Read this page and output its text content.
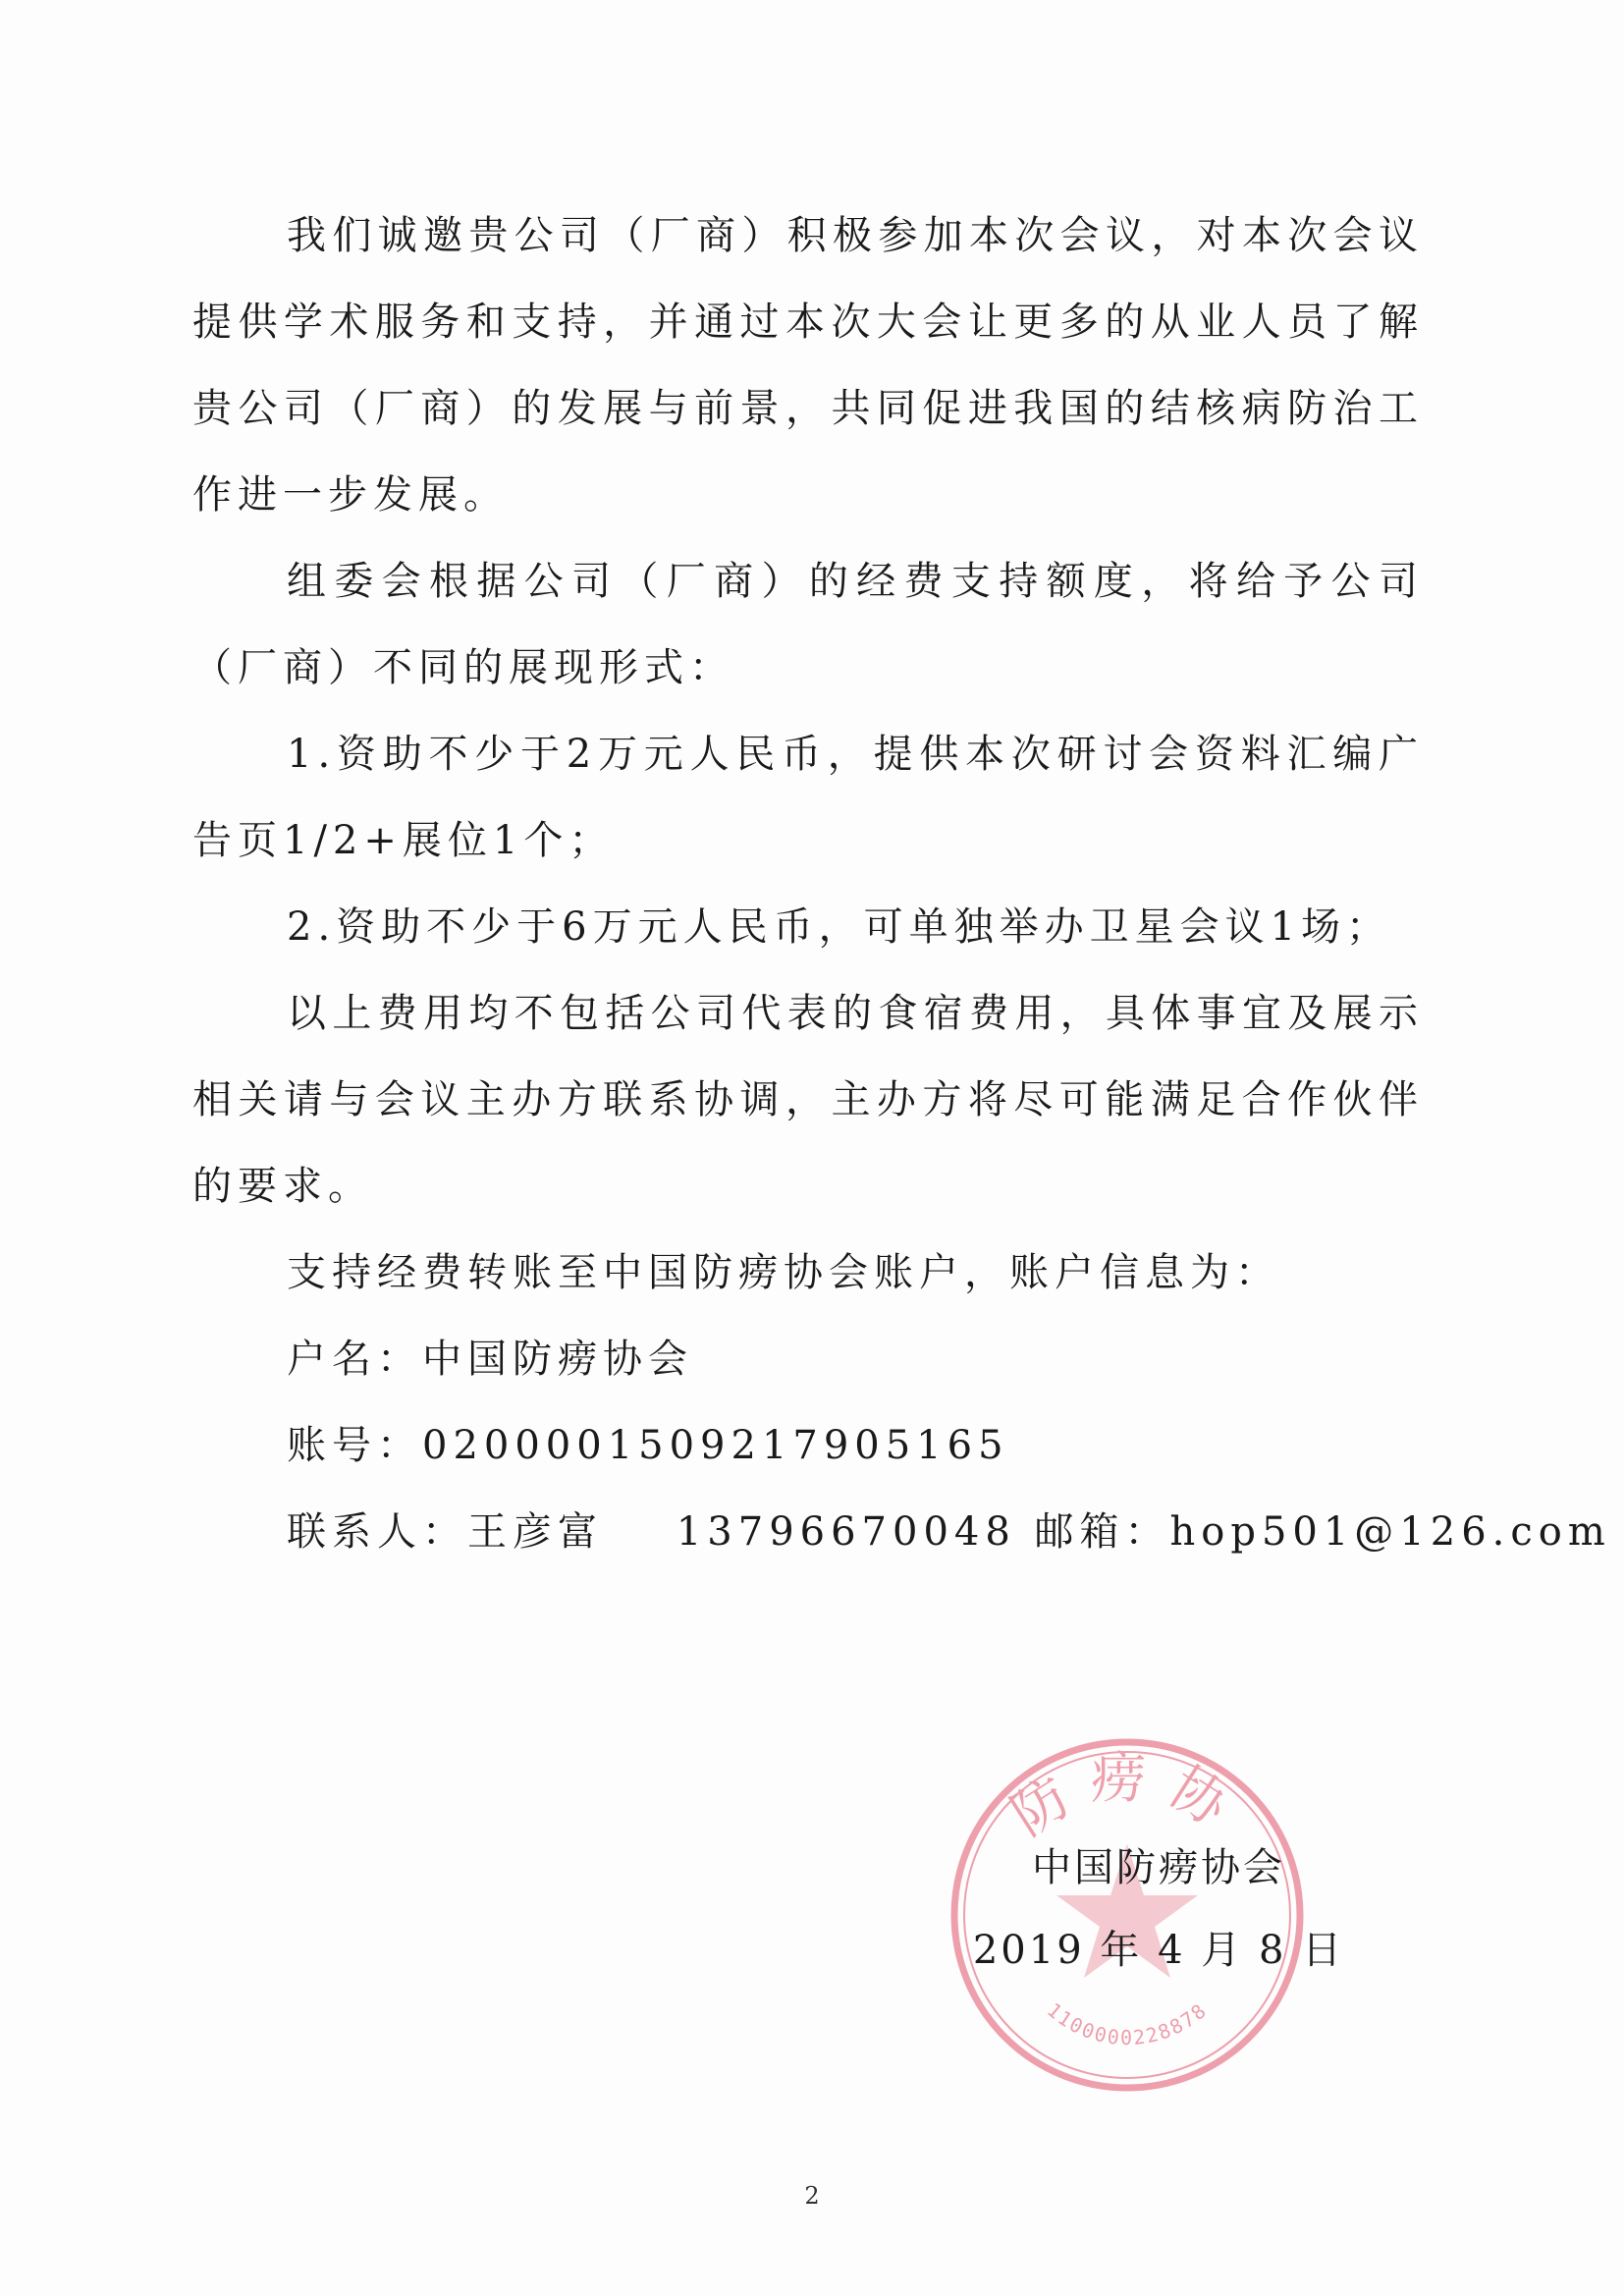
我们诚邀贵公司（厂商）积极参加本次会议，对本次会议提供学术服务和支持，并通过本次大会让更多的从业人员了解贵公司（厂商）的发展与前景，共同促进我国的结核病防治工作进一步发展。

组委会根据公司（厂商）的经费支持额度，将给予公司（厂商）不同的展现形式：

1.资助不少于2万元人民币，提供本次研讨会资料汇编广告页1/2+展位1个；

2.资助不少于6万元人民币，可单独举办卫星会议1场；

以上费用均不包括公司代表的食宿费用，具体事宜及展示相关请与会议主办方联系协调，主办方将尽可能满足合作伙伴的要求。

支持经费转账至中国防痨协会账户，账户信息为：

户名：中国防痨协会

账号：0200001509217905165

联系人：王彦富    13796670048 邮箱：hop501@126.com

防痨协
1100000228878
中国防痨协会
2019 年 4 月 8 日
2
